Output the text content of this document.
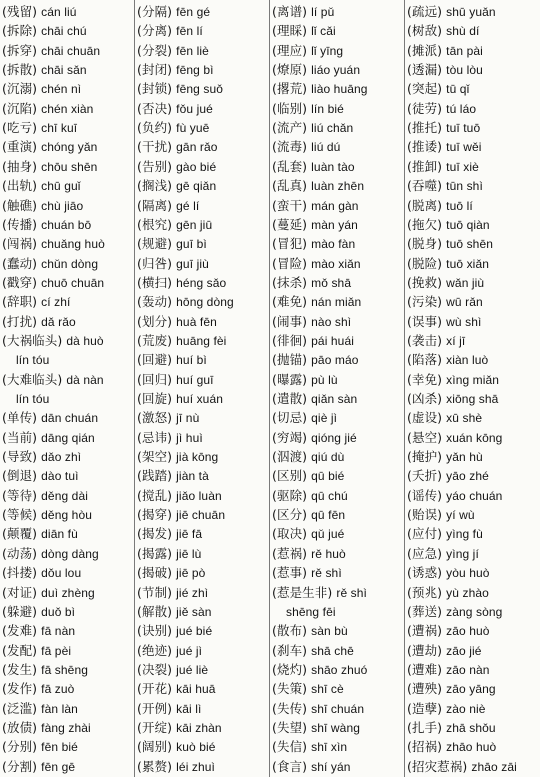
(残留) cán liú
(拆除) chāi chú
(拆穿) chāi chuān
(拆散) chāi sǎn
(沉溺) chén nì
(沉陷) chén xiàn
(吃亏) chī kuī
(重演) chóng yǎn
(抽身) chōu shēn
(出轨) chū guǐ
(触礁) chù jiāo
(传播) chuán bō
(闯祸) chuǎng huò
(蠢动) chǔn dòng
(戳穿) chuō chuān
(辞职) cí zhí
(打扰) dǎ rǎo
(大祸临头) dà huò
lín tóu
(大难临头) dà nàn
lín tóu
(单传) dān chuán
(当前) dāng qián
(导致) dǎo zhì
(倒退) dào tuì
(等待) děng dài
(等候) děng hòu
(颠覆) diān fù
(动荡) dòng dàng
(抖搂) dǒu lou
(对证) duì zhèng
(躲避) duǒ bì
(发难) fā nàn
(发配) fā pèi
(发生) fā shēng
(发作) fā zuò
(泛滥) fàn làn
(放债) fàng zhài
(分别) fēn bié
(分割) fēn gē
(分隔) fēn gé
(分离) fēn lí
(分裂) fēn liè
(封闭) fēng bì
(封锁) fēng suǒ
(否决) fǒu jué
(负约) fù yuē
(干扰) gān rǎo
(告别) gào bié
(搁浅) gē qiǎn
(隔离) gé lí
(根究) gēn jiū
(规避) guī bì
(归咎) guī jiù
(横扫) héng sǎo
(轰动) hōng dòng
(划分) huà fēn
(荒废) huāng fèi
(回避) huí bì
(回归) huí guī
(回旋) huí xuán
(激怒) jī nù
(忌讳) jì huì
(架空) jià kōng
(践踏) jiàn tà
(搅乱) jiǎo luàn
(揭穿) jiē chuān
(揭发) jiē fā
(揭露) jiē lù
(揭破) jiē pò
(节制) jié zhì
(解散) jiě sàn
(诀别) jué bié
(绝迹) jué jì
(决裂) jué liè
(开花) kāi huā
(开例) kāi lì
(开绽) kāi zhàn
(阔别) kuò bié
(累赘) léi zhuì
(离谱) lí pǔ
(理睬) lǐ cǎi
(理应) lǐ yīng
(燎原) liáo yuán
(撂荒) liào huāng
(临别) lín bié
(流产) liú chǎn
(流毒) liú dú
(乱套) luàn tào
(乱真) luàn zhēn
(蛮干) mán gàn
(蔓延) màn yán
(冒犯) mào fàn
(冒险) mào xiǎn
(抹杀) mǒ shā
(难免) nán miǎn
(闹事) nào shì
(徘徊) pái huái
(抛锚) pāo máo
(曝露) pù lù
(遣散) qiǎn sàn
(切忌) qiè jì
(穷竭) qióng jié
(泅渡) qiú dù
(区别) qū bié
(驱除) qū chú
(区分) qū fēn
(取决) qǔ jué
(惹祸) rě huò
(惹事) rě shì
(惹是生非) rě shì
shēng fēi
(散布) sàn bù
(刹车) shā chē
(烧灼) shāo zhuó
(失策) shī cè
(失传) shī chuán
(失望) shī wàng
(失信) shī xìn
(食言) shí yán
(疏远) shū yuǎn
(树敌) shù dí
(摊派) tān pài
(透漏) tòu lòu
(突起) tū qǐ
(徒劳) tú láo
(推托) tuī tuō
(推诿) tuī wěi
(推卸) tuī xiè
(吞噬) tūn shì
(脱离) tuō lí
(拖欠) tuō qiàn
(脱身) tuō shēn
(脱险) tuō xiǎn
(挽救) wǎn jiù
(污染) wū rǎn
(误事) wù shì
(袭击) xí jī
(陷落) xiàn luò
(幸免) xìng miǎn
(凶杀) xiōng shā
(虚设) xū shè
(悬空) xuán kōng
(掩护) yǎn hù
(夭折) yāo zhé
(谣传) yáo chuán
(贻误) yí wù
(应付) yìng fù
(应急) yìng jí
(诱惑) yòu huò
(预兆) yù zhào
(葬送) zàng sòng
(遭祸) zāo huò
(遭劫) zāo jié
(遭难) zāo nàn
(遭殃) zāo yāng
(造孽) zào niè
(扎手) zhā shǒu
(招祸) zhāo huò
(招灾惹祸) zhāo zāi
